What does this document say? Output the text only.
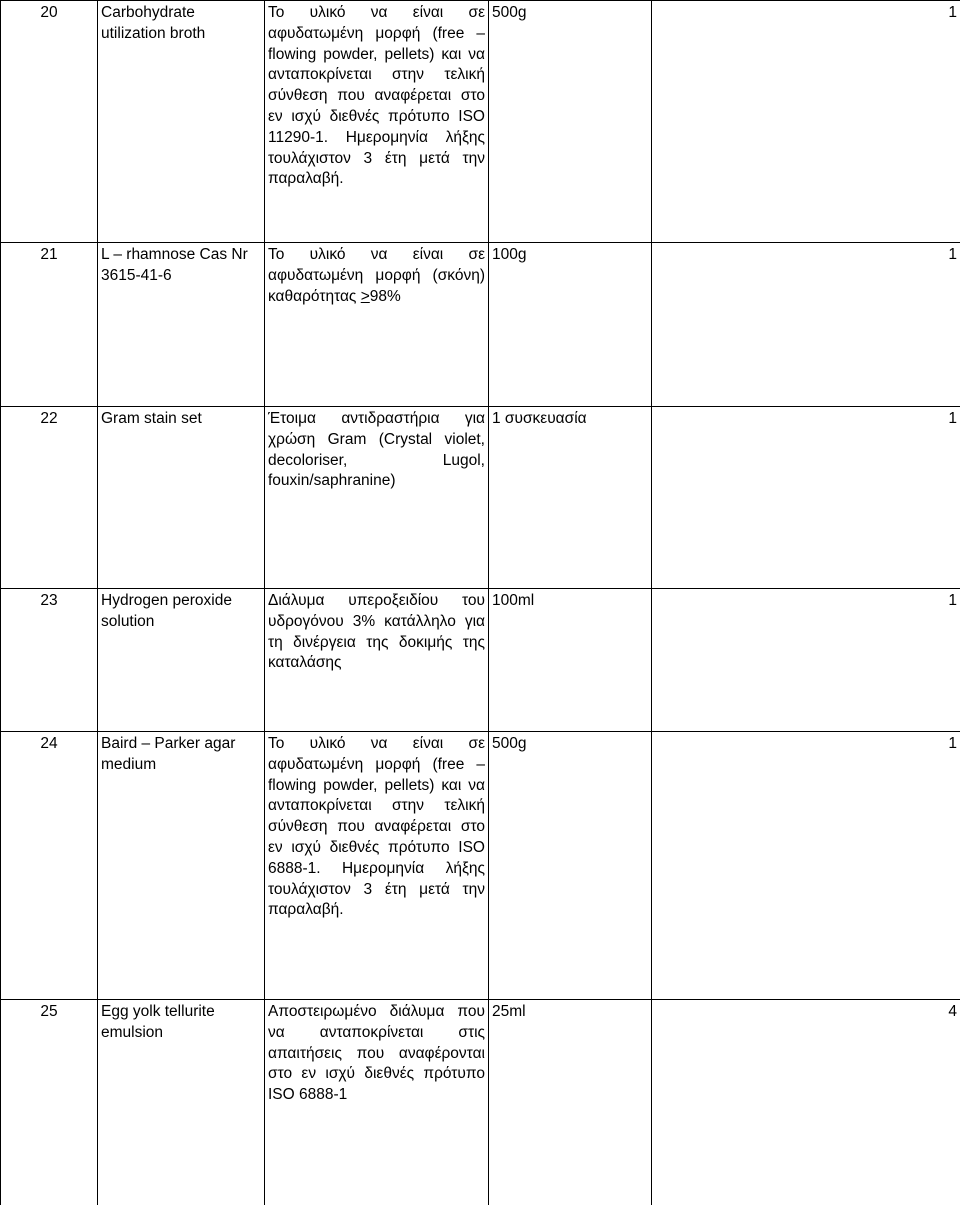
20	Carbohydrate utilization broth	Το υλικό να είναι σε αφυδατωμένη μορφή (free – flowing powder, pellets) και να ανταποκρίνεται στην τελική σύνθεση που αναφέρεται στο εν ισχύ διεθνές πρότυπο ISO 11290-1. Ημερομηνία λήξης τουλάχιστον 3 έτη μετά την παραλαβή.	500g	1
21	L – rhamnose Cas Nr 3615-41-6	Το υλικό να είναι σε αφυδατωμένη μορφή (σκόνη) καθαρότητας >98%	100g	1
22	Gram stain set	Έτοιμα αντιδραστήρια για χρώση Gram (Crystal violet, decoloriser, Lugol, fouxin/saphranine)	1 συσκευασία	1
23	Hydrogen peroxide solution	Διάλυμα υπεροξειδίου του υδρογόνου 3% κατάλληλο για τη δινέργεια της δοκιμής της καταλάσης	100ml	1
24	Baird – Parker agar medium	Το υλικό να είναι σε αφυδατωμένη μορφή (free – flowing powder, pellets) και να ανταποκρίνεται στην τελική σύνθεση που αναφέρεται στο εν ισχύ διεθνές πρότυπο ISO 6888-1. Ημερομηνία λήξης τουλάχιστον 3 έτη μετά την παραλαβή.	500g	1
25	Egg yolk tellurite emulsion	Αποστειρωμένο διάλυμα που να ανταποκρίνεται στις απαιτήσεις που αναφέρονται στο εν ισχύ διεθνές πρότυπο ISO 6888-1	25ml	4
